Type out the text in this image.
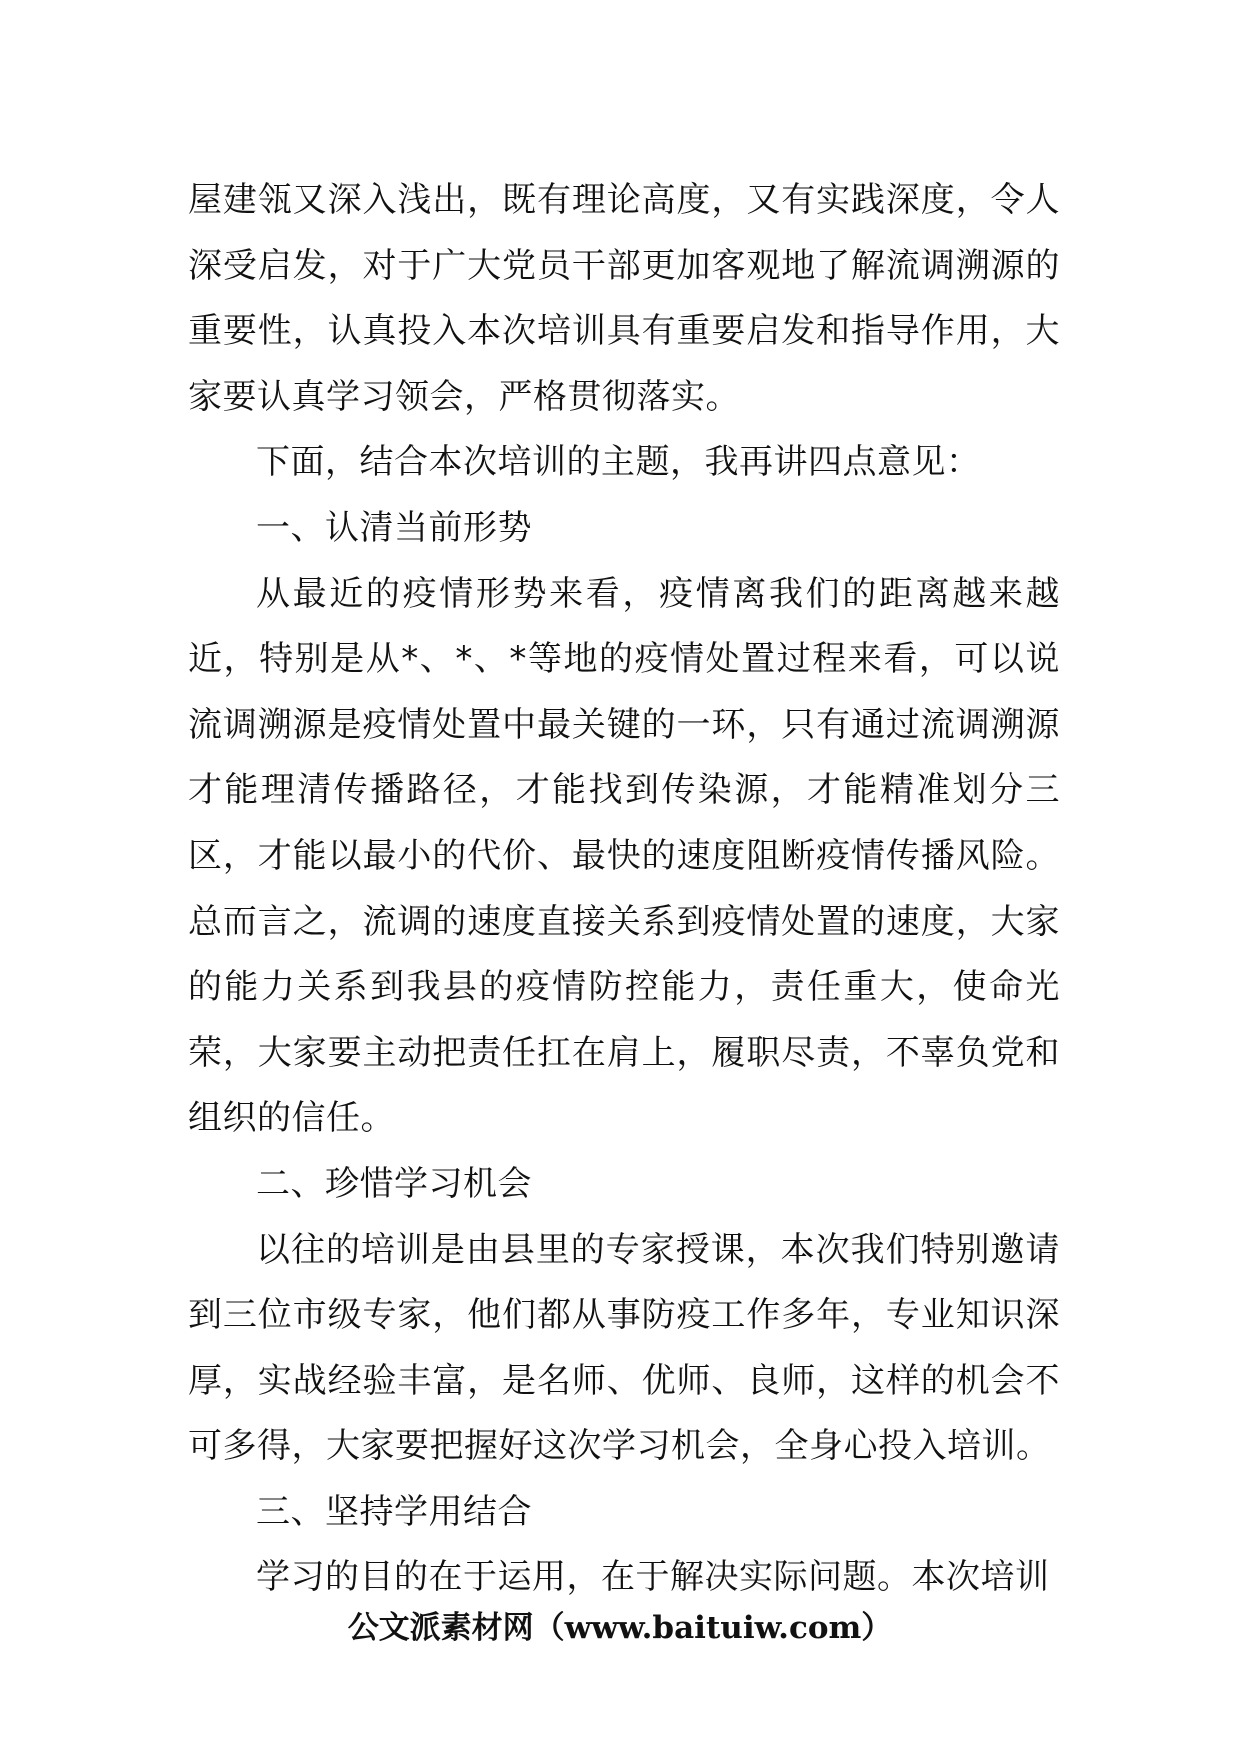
屋建瓴又深入浅出，既有理论高度，又有实践深度，令人深受启发，对于广大党员干部更加客观地了解流调溯源的重要性，认真投入本次培训具有重要启发和指导作用，大家要认真学习领会，严格贯彻落实。

下面，结合本次培训的主题，我再讲四点意见：

一、认清当前形势

从最近的疫情形势来看，疫情离我们的距离越来越近，特别是从*、*、*等地的疫情处置过程来看，可以说流调溯源是疫情处置中最关键的一环，只有通过流调溯源才能理清传播路径，才能找到传染源，才能精准划分三区，才能以最小的代价、最快的速度阻断疫情传播风险。总而言之，流调的速度直接关系到疫情处置的速度，大家的能力关系到我县的疫情防控能力，责任重大，使命光荣，大家要主动把责任扛在肩上，履职尽责，不辜负党和组织的信任。

二、珍惜学习机会

以往的培训是由县里的专家授课，本次我们特别邀请到三位市级专家，他们都从事防疫工作多年，专业知识深厚，实战经验丰富，是名师、优师、良师，这样的机会不可多得，大家要把握好这次学习机会，全身心投入培训。

三、坚持学用结合

学习的目的在于运用，在于解决实际问题。本次培训

公文派素材网（www.baituiw.com）
